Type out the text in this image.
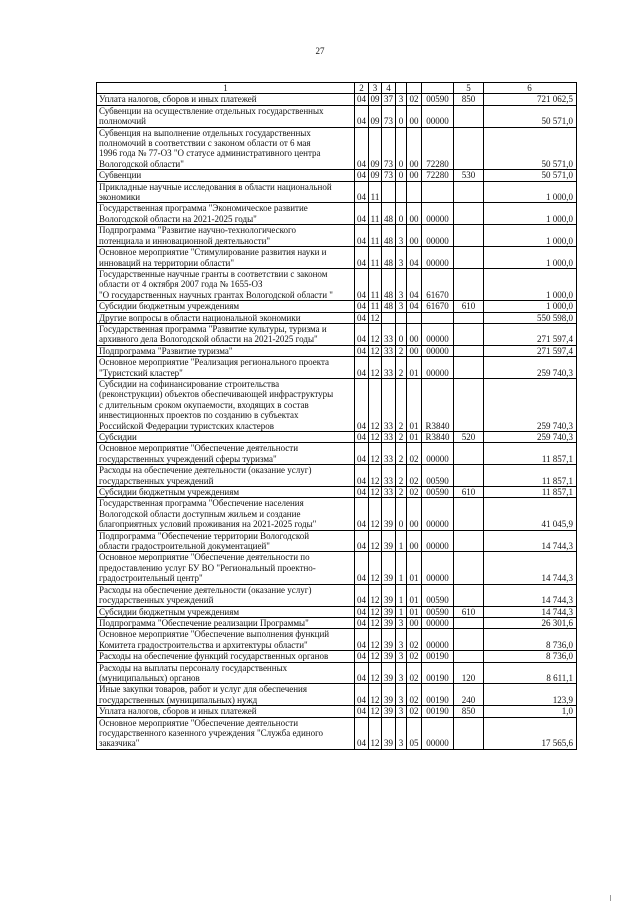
27
1	2	3	4				5	6

Уплата налогов, сборов и иных платежей	04	09	37	3	02	00590	850	721 062,5

Субвенции на осуществление отдельных государственных
полномочий	04	09	73	0	00	00000		50 571,0

Субвенция на выполнение отдельных государственных
полномочий в соответствии с законом области от 6 мая
1996 года № 77-ОЗ "О статусе административного центра
Вологодской области"	04	09	73	0	00	72280		50 571,0

Субвенции	04	09	73	0	00	72280	530	50 571,0

Прикладные научные исследования в области национальной
экономики	04	11						1 000,0

Государственная программа "Экономическое развитие
Вологодской области на 2021-2025 годы"	04	11	48	0	00	00000		1 000,0

Подпрограмма "Развитие научно-технологического
потенциала и инновационной деятельности"	04	11	48	3	00	00000		1 000,0

Основное мероприятие "Стимулирование развития науки и
инноваций на территории области"	04	11	48	3	04	00000		1 000,0

Государственные научные гранты в соответствии с законом
области от 4 октября 2007 года № 1655-ОЗ
"О государственных научных грантах Вологодской области "	04	11	48	3	04	61670		1 000,0

Субсидии бюджетным учреждениям	04	11	48	3	04	61670	610	1 000,0

Другие вопросы в области национальной экономики	04	12						550 598,0

Государственная программа "Развитие культуры, туризма и
архивного дела Вологодской области на 2021-2025 годы"	04	12	33	0	00	00000		271 597,4

Подпрограмма "Развитие туризма"	04	12	33	2	00	00000		271 597,4

Основное мероприятие "Реализация регионального проекта
"Туристский кластер"	04	12	33	2	01	00000		259 740,3

Субсидии на софинансирование строительства
(реконструкции) объектов обеспечивающей инфраструктуры
с длительным сроком окупаемости, входящих в состав
инвестиционных проектов по созданию в субъектах
Российской Федерации туристских кластеров	04	12	33	2	01	R3840		259 740,3

Субсидии	04	12	33	2	01	R3840	520	259 740,3

Основное мероприятие "Обеспечение деятельности
государственных учреждений сферы туризма"	04	12	33	2	02	00000		11 857,1

Расходы на обеспечение деятельности (оказание услуг)
государственных учреждений	04	12	33	2	02	00590		11 857,1

Субсидии бюджетным учреждениям	04	12	33	2	02	00590	610	11 857,1

Государственная программа "Обеспечение населения
Вологодской области доступным жильем и создание
благоприятных условий проживания на 2021-2025 годы"	04	12	39	0	00	00000		41 045,9

Подпрограмма "Обеспечение территории Вологодской
области градостроительной документацией"	04	12	39	1	00	00000		14 744,3

Основное мероприятие "Обеспечение деятельности по
предоставлению услуг БУ ВО "Региональный проектно-
градостроительный центр"	04	12	39	1	01	00000		14 744,3

Расходы на обеспечение деятельности (оказание услуг)
государственных учреждений	04	12	39	1	01	00590		14 744,3

Субсидии бюджетным учреждениям	04	12	39	1	01	00590	610	14 744,3

Подпрограмма "Обеспечение реализации Программы"	04	12	39	3	00	00000		26 301,6

Основное мероприятие "Обеспечение выполнения функций
Комитета градостроительства и архитектуры области"	04	12	39	3	02	00000		8 736,0

Расходы на обеспечение функций государственных органов	04	12	39	3	02	00190		8 736,0

Расходы на выплаты персоналу государственных
(муниципальных) органов	04	12	39	3	02	00190	120	8 611,1

Иные закупки товаров, работ и услуг для обеспечения
государственных (муниципальных) нужд	04	12	39	3	02	00190	240	123,9

Уплата налогов, сборов и иных платежей	04	12	39	3	02	00190	850	1,0

Основное мероприятие "Обеспечение деятельности
государственного казенного учреждения "Служба единого
заказчика"	04	12	39	3	05	00000		17 565,6
